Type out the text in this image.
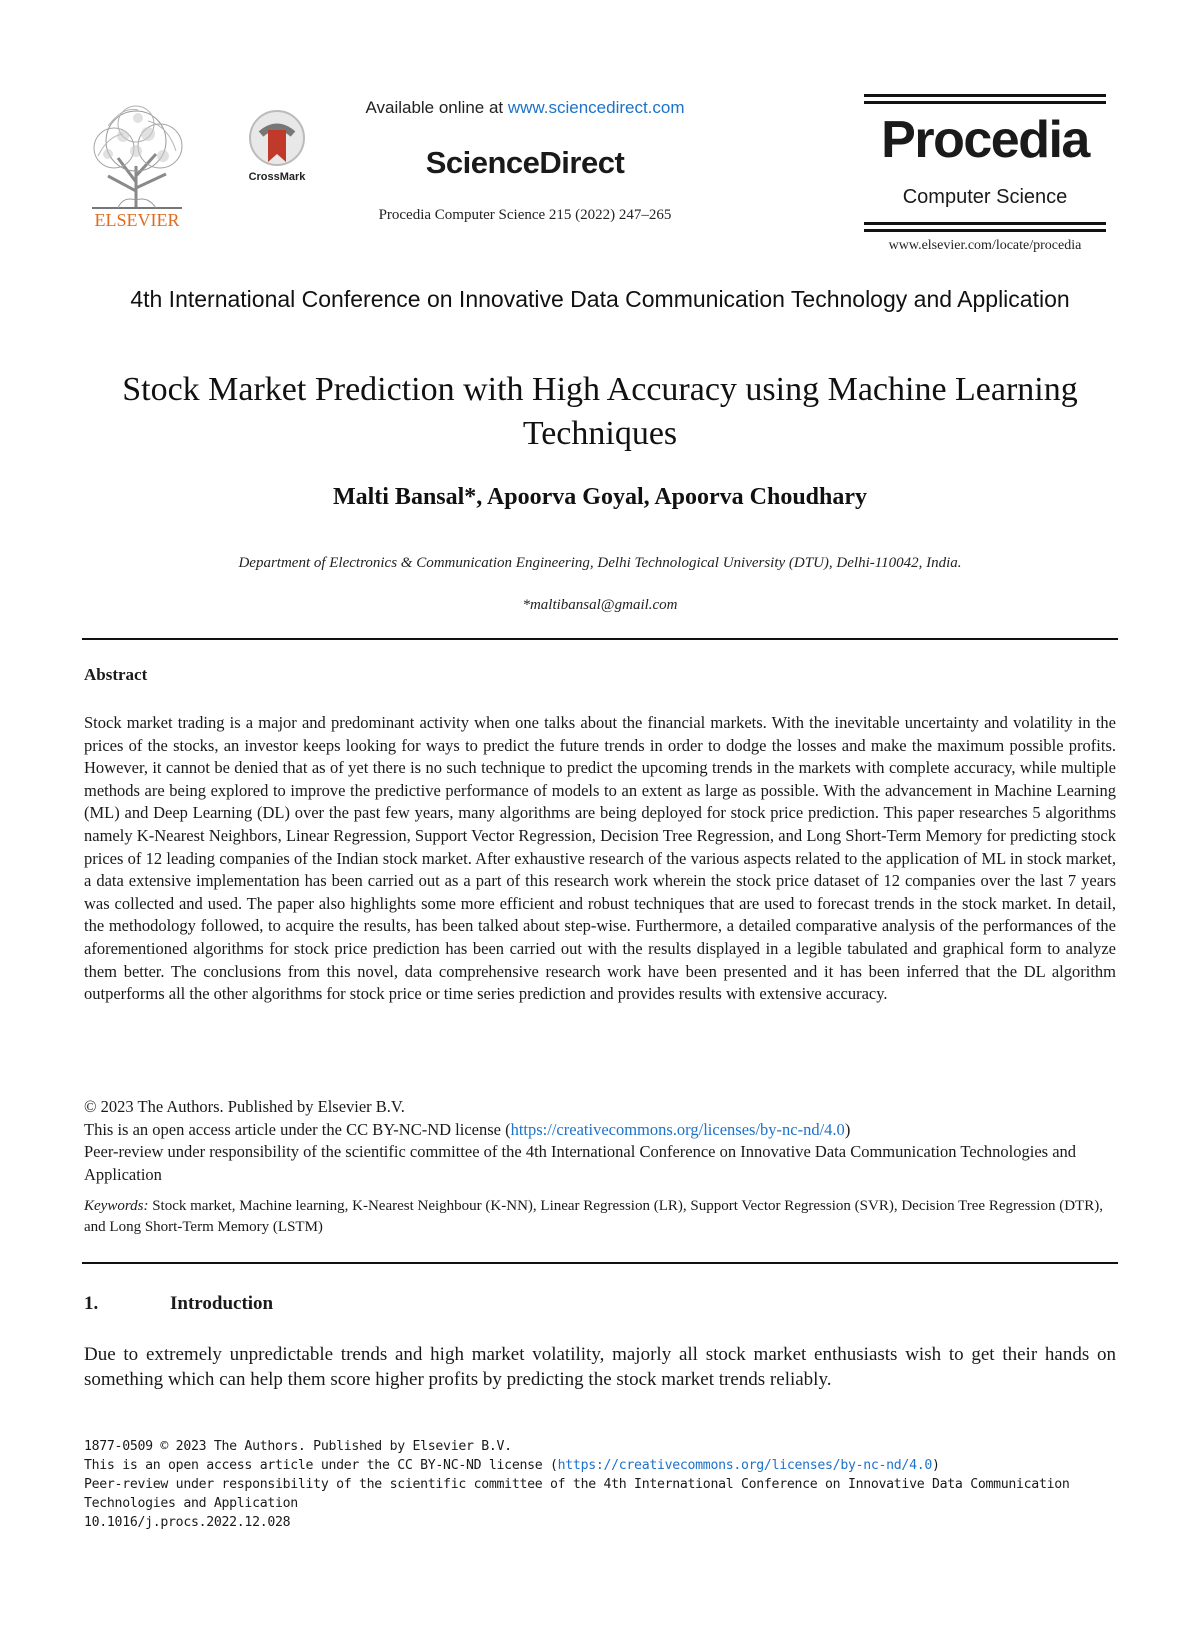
ELSEVIER
CrossMark
Available online at www.sciencedirect.com
ScienceDirect
Procedia Computer Science 215 (2022) 247–265
Procedia
Computer Science
www.elsevier.com/locate/procedia
4th International Conference on Innovative Data Communication Technology and Application
Stock Market Prediction with High Accuracy using Machine Learning Techniques
Malti Bansal*, Apoorva Goyal, Apoorva Choudhary
Department of Electronics & Communication Engineering, Delhi Technological University (DTU), Delhi-110042, India.
*maltibansal@gmail.com
Abstract
Stock market trading is a major and predominant activity when one talks about the financial markets. With the inevitable uncertainty and volatility in the prices of the stocks, an investor keeps looking for ways to predict the future trends in order to dodge the losses and make the maximum possible profits. However, it cannot be denied that as of yet there is no such technique to predict the upcoming trends in the markets with complete accuracy, while multiple methods are being explored to improve the predictive performance of models to an extent as large as possible. With the advancement in Machine Learning (ML) and Deep Learning (DL) over the past few years, many algorithms are being deployed for stock price prediction. This paper researches 5 algorithms namely K-Nearest Neighbors, Linear Regression, Support Vector Regression, Decision Tree Regression, and Long Short-Term Memory for predicting stock prices of 12 leading companies of the Indian stock market. After exhaustive research of the various aspects related to the application of ML in stock market, a data extensive implementation has been carried out as a part of this research work wherein the stock price dataset of 12 companies over the last 7 years was collected and used. The paper also highlights some more efficient and robust techniques that are used to forecast trends in the stock market. In detail, the methodology followed, to acquire the results, has been talked about step-wise. Furthermore, a detailed comparative analysis of the performances of the aforementioned algorithms for stock price prediction has been carried out with the results displayed in a legible tabulated and graphical form to analyze them better. The conclusions from this novel, data comprehensive research work have been presented and it has been inferred that the DL algorithm outperforms all the other algorithms for stock price or time series prediction and provides results with extensive accuracy.
© 2023 The Authors. Published by Elsevier B.V.
This is an open access article under the CC BY-NC-ND license (https://creativecommons.org/licenses/by-nc-nd/4.0)
Peer-review under responsibility of the scientific committee of the 4th International Conference on Innovative Data Communication Technologies and Application
Keywords: Stock market, Machine learning, K-Nearest Neighbour (K-NN), Linear Regression (LR), Support Vector Regression (SVR), Decision Tree Regression (DTR), and Long Short-Term Memory (LSTM)
1.	Introduction
Due to extremely unpredictable trends and high market volatility, majorly all stock market enthusiasts wish to get their hands on something which can help them score higher profits by predicting the stock market trends reliably.
1877-0509 © 2023 The Authors. Published by Elsevier B.V.
This is an open access article under the CC BY-NC-ND license (https://creativecommons.org/licenses/by-nc-nd/4.0)
Peer-review under responsibility of the scientific committee of the 4th International Conference on Innovative Data Communication
Technologies and Application
10.1016/j.procs.2022.12.028
